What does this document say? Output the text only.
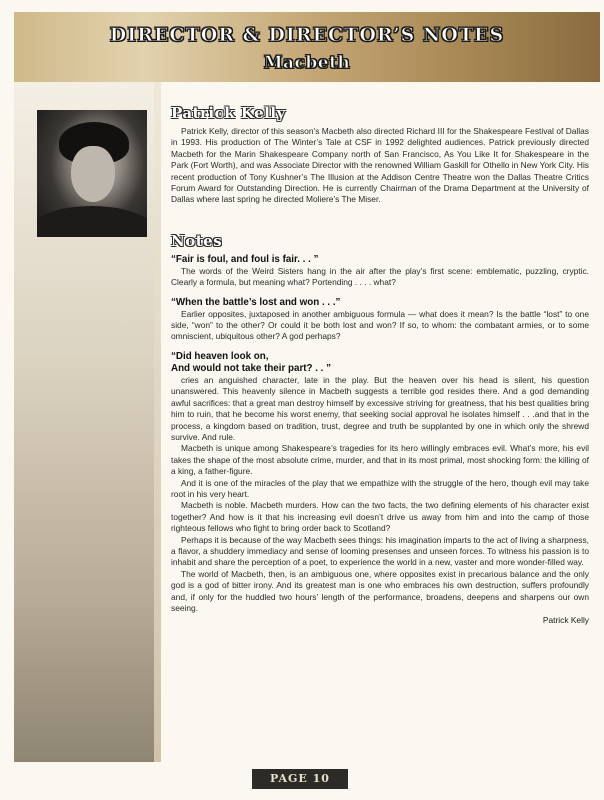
DIRECTOR & DIRECTOR’S NOTES
Macbeth
Patrick Kelly

Patrick Kelly, director of this season’s Macbeth also directed Richard III for the Shakespeare Festival of Dallas in 1993. His production of The Winter’s Tale at CSF in 1992 delighted audiences. Patrick previously directed Macbeth for the Marin Shakespeare Company north of San Francisco, As You Like It for Shakespeare in the Park (Fort Worth), and was Associate Director with the renowned William Gaskill for Othello in New York City. His recent production of Tony Kushner’s The Illusion at the Addison Centre Theatre won the Dallas Theatre Critics Forum Award for Outstanding Direction. He is currently Chairman of the Drama Department at the University of Dallas where last spring he directed Moliere’s The Miser.

Notes

“Fair is foul, and foul is fair. . . ”

The words of the Weird Sisters hang in the air after the play’s first scene: emblematic, puzzling, cryptic. Clearly a formula, but meaning what? Portending . . . . what?

“When the battle’s lost and won . . .”

Earlier opposites, juxtaposed in another ambiguous formula — what does it mean? Is the battle “lost” to one side, “won” to the other? Or could it be both lost and won? If so, to whom: the combatant armies, or to some omniscient, ubiquitous other? A god perhaps?

“Did heaven look on,

And would not take their part? . . ”

cries an anguished character, late in the play. But the heaven over his head is silent, his question unanswered. This heavenly silence in Macbeth suggests a terrible god resides there. And a god demanding awful sacrifices: that a great man destroy himself by excessive striving for greatness, that his best qualities bring him to ruin, that he become his worst enemy, that seeking social approval he isolates himself . . .and that in the process, a kingdom based on tradition, trust, degree and truth be supplanted by one in which only the shrewd survive. And rule.

Macbeth is unique among Shakespeare’s tragedies for its hero willingly embraces evil. What’s more, his evil takes the shape of the most absolute crime, murder, and that in its most primal, most shocking form: the killing of a king, a father-figure.

And it is one of the miracles of the play that we empathize with the struggle of the hero, though evil may take root in his very heart.

Macbeth is noble. Macbeth murders. How can the two facts, the two defining elements of his character exist together? And how is it that his increasing evil doesn’t drive us away from him and into the camp of those righteous fellows who fight to bring order back to Scotland?

Perhaps it is because of the way Macbeth sees things: his imagination imparts to the act of living a sharpness, a flavor, a shuddery immediacy and sense of looming presenses and unseen forces. To witness his passion is to inhabit and share the perception of a poet, to experience the world in a new, vaster and more wonder-filled way.

The world of Macbeth, then, is an ambiguous one, where opposites exist in precarious balance and the only god is a god of bitter irony. And its greatest man is one who embraces his own destruction, suffers profoundly and, if only for the huddled two hours’ length of the performance, broadens, deepens and sharpens our own seeing.

Patrick Kelly

PAGE 10
